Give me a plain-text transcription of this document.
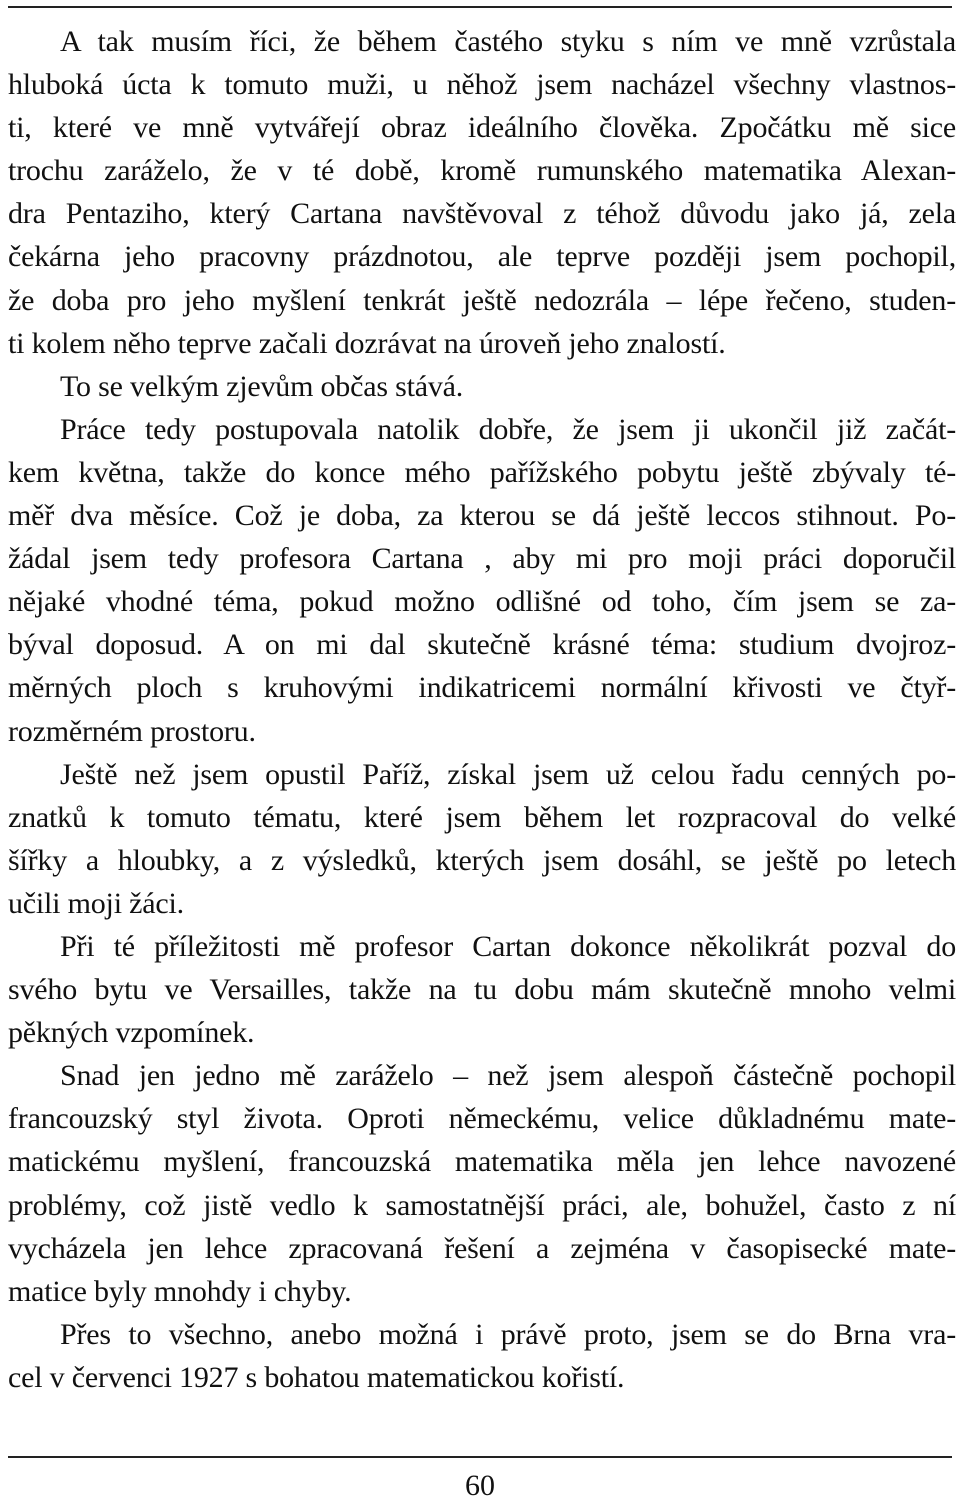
A tak musím říci, že během častého styku s ním ve mně vzrůstala
hluboká úcta k tomuto muži, u něhož jsem nacházel všechny vlastnos-
ti, které ve mně vytvářejí obraz ideálního člověka. Zpočátku mě sice
trochu zaráželo, že v té době, kromě rumunského matematika Alexan-
dra Pentaziho, který Cartana navštěvoval z téhož důvodu jako já, zela
čekárna jeho pracovny prázdnotou, ale teprve později jsem pochopil,
že doba pro jeho myšlení tenkrát ještě nedozrála – lépe řečeno, studen-
ti kolem něho teprve začali dozrávat na úroveň jeho znalostí.
To se velkým zjevům občas stává.
Práce tedy postupovala natolik dobře, že jsem ji ukončil již začát-
kem května, takže do konce mého pařížského pobytu ještě zbývaly té-
měř dva měsíce. Což je doba, za kterou se dá ještě leccos stihnout. Po-
žádal jsem tedy profesora Cartana , aby mi pro moji práci doporučil
nějaké vhodné téma, pokud možno odlišné od toho, čím jsem se za-
býval doposud. A on mi dal skutečně krásné téma: studium dvojroz-
měrných ploch s kruhovými indikatricemi normální křivosti ve čtyř-
rozměrném prostoru.
Ještě než jsem opustil Paříž, získal jsem už celou řadu cenných po-
znatků k tomuto tématu, které jsem během let rozpracoval do velké
šířky a hloubky, a z výsledků, kterých jsem dosáhl, se ještě po letech
učili moji žáci.
Při té příležitosti mě profesor Cartan dokonce několikrát pozval do
svého bytu ve Versailles, takže na tu dobu mám skutečně mnoho velmi
pěkných vzpomínek.
Snad jen jedno mě zaráželo – než jsem alespoň částečně pochopil
francouzský styl života. Oproti německému, velice důkladnému mate-
matickému myšlení, francouzská matematika měla jen lehce navozené
problémy, což jistě vedlo k samostatnější práci, ale, bohužel, často z ní
vycházela jen lehce zpracovaná řešení a zejména v časopisecké mate-
matice byly mnohdy i chyby.
Přes to všechno, anebo možná i právě proto, jsem se do Brna vra-
cel v červenci 1927 s bohatou matematickou kořistí.
60
